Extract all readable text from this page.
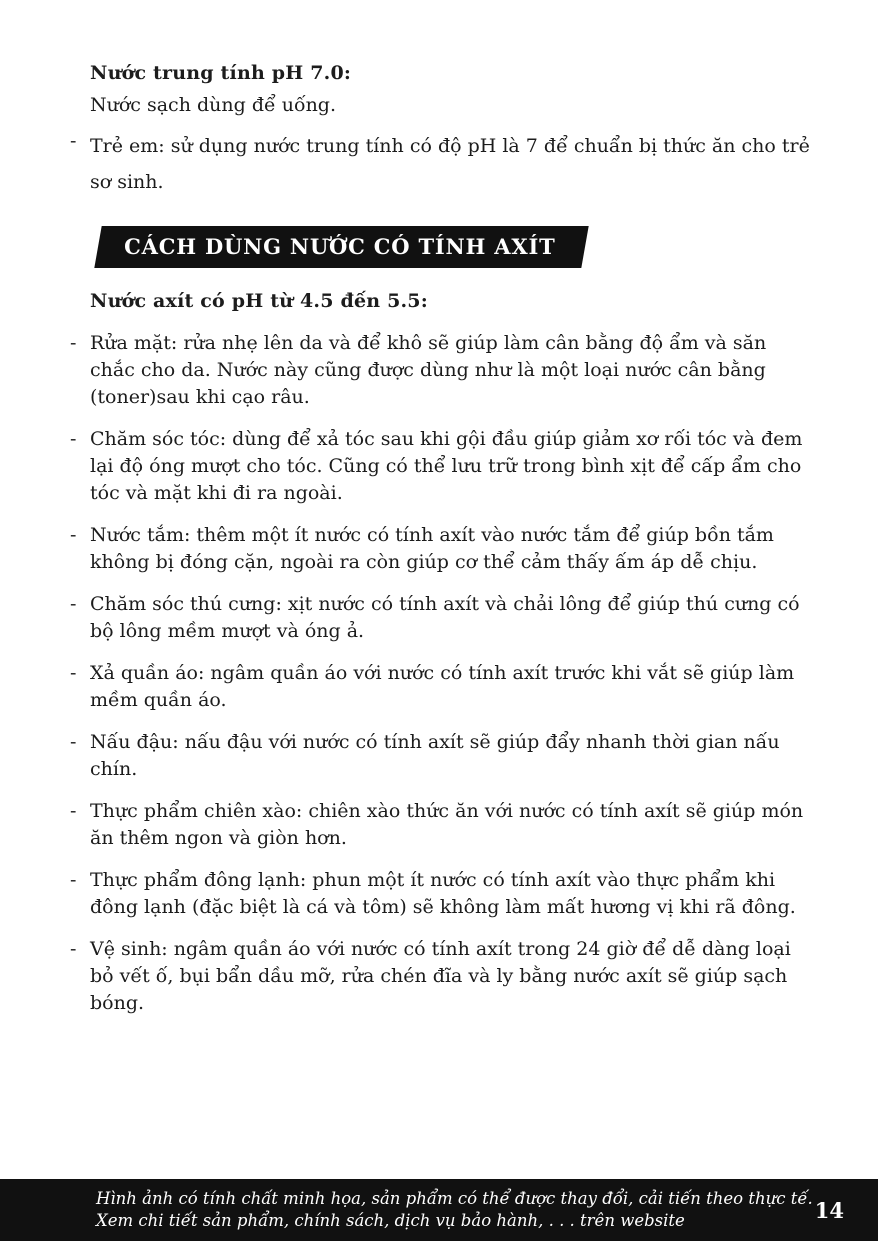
Nước trung tính pH 7.0:
Nước sạch dùng để uống.
-
Trẻ em: sử dụng nước trung tính có độ pH là 7 để chuẩn bị thức ăn cho trẻ sơ sinh.
CÁCH DÙNG NƯỚC CÓ TÍNH AXÍT
Nước axít có pH từ 4.5 đến 5.5:
-
Rửa mặt: rửa nhẹ lên da và để khô sẽ giúp làm cân bằng độ ẩm và săn chắc cho da. Nước này cũng được dùng như là một loại nước cân bằng (toner)sau khi cạo râu.
-
Chăm sóc tóc: dùng để xả tóc sau khi gội đầu giúp giảm xơ rối tóc và đem lại độ óng mượt cho tóc. Cũng có thể lưu trữ trong bình xịt để cấp ẩm cho tóc và mặt khi đi ra ngoài.
-
Nước tắm: thêm một ít nước có tính axít vào nước tắm để giúp bồn tắm không bị đóng cặn, ngoài ra còn giúp cơ thể cảm thấy ấm áp dễ chịu.
-
Chăm sóc thú cưng: xịt nước có tính axít và chải lông để giúp thú cưng có bộ lông mềm mượt và óng ả.
-
Xả quần áo: ngâm quần áo với nước có tính axít trước khi vắt sẽ giúp làm mềm quần áo.
-
Nấu đậu: nấu đậu với nước có tính axít sẽ giúp đẩy nhanh thời gian nấu chín.
-
Thực phẩm chiên xào: chiên xào thức ăn với nước có tính axít sẽ giúp món ăn thêm ngon và giòn hơn.
-
Thực phẩm đông lạnh: phun một ít nước có tính axít vào thực phẩm khi đông lạnh (đặc biệt là cá và tôm) sẽ không làm mất hương vị khi rã đông.
-
Vệ sinh: ngâm quần áo với nước có tính axít trong 24 giờ để dễ dàng loại bỏ vết ố, bụi bẩn dầu mỡ, rửa chén đĩa và ly bằng nước axít sẽ giúp sạch bóng.
Hình ảnh có tính chất minh họa, sản phẩm có thể được thay đổi, cải tiến theo thực tế.
Xem chi tiết sản phẩm, chính sách, dịch vụ bảo hành, . . . trên website	14
